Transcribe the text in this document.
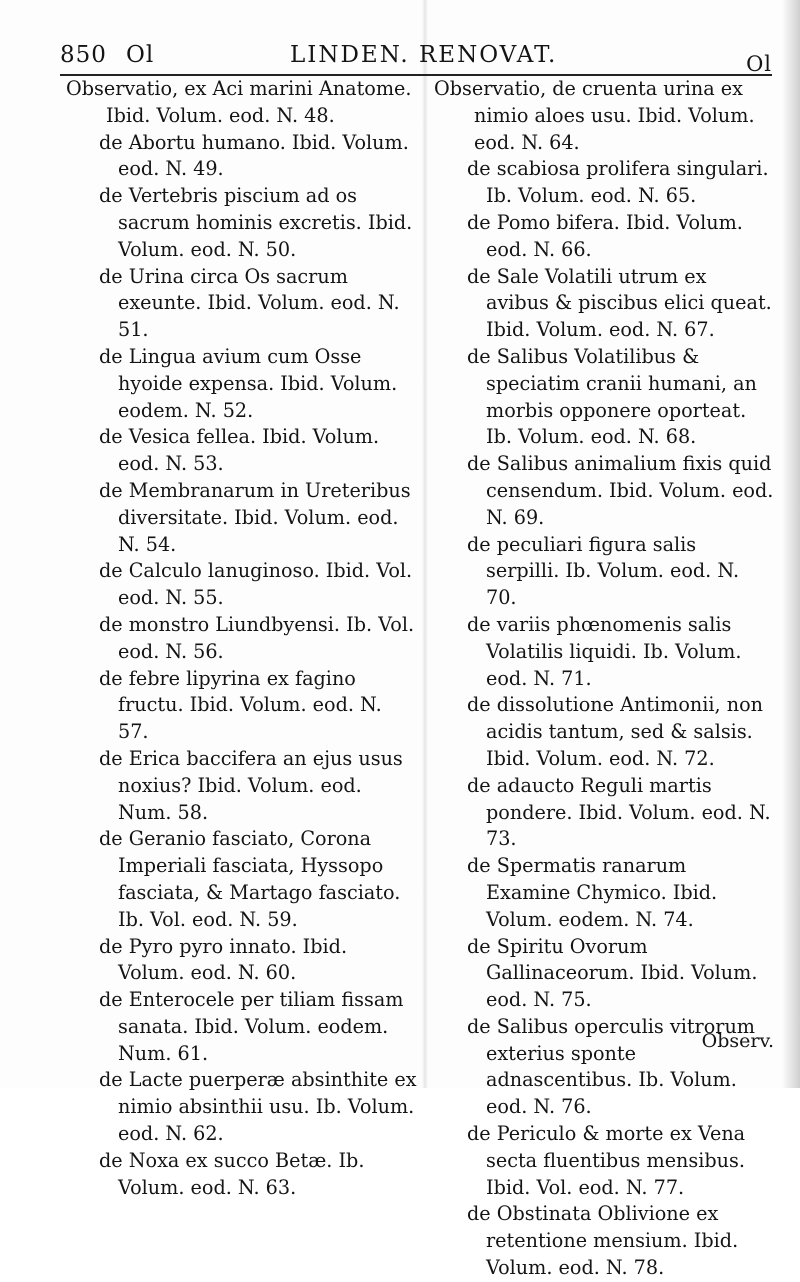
850 Ol	LINDEN. RENOVAT.	Ol

Observatio, ex Aci marini Anatome. Ibid. Volum. eod. N. 48.

de Abortu humano. Ibid. Volum. eod. N. 49.

de Vertebris piscium ad os sacrum hominis excretis. Ibid. Volum. eod. N. 50.

de Urina circa Os sacrum exeunte. Ibid. Volum. eod. N. 51.

de Lingua avium cum Osse hyoide expensa. Ibid. Volum. eodem. N. 52.

de Vesica fellea. Ibid. Volum. eod. N. 53.

de Membranarum in Ureteribus diversitate. Ibid. Volum. eod. N. 54.

de Calculo lanuginoso. Ibid. Vol. eod. N. 55.

de monstro Liundbyensi. Ib. Vol. eod. N. 56.

de febre lipyrina ex fagino fructu. Ibid. Volum. eod. N. 57.

de Erica baccifera an ejus usus noxius? Ibid. Volum. eod. Num. 58.

de Geranio fasciato, Corona Imperiali fasciata, Hyssopo fasciata, & Martago fasciato. Ib. Vol. eod. N. 59.

de Pyro pyro innato. Ibid. Volum. eod. N. 60.

de Enterocele per tiliam fissam sanata. Ibid. Volum. eodem. Num. 61.

de Lacte puerperæ absinthite ex nimio absinthii usu. Ib. Volum. eod. N. 62.

de Noxa ex succo Betæ. Ib. Volum. eod. N. 63.

Observatio, de cruenta urina ex nimio aloes usu. Ibid. Volum. eod. N. 64.

de scabiosa prolifera singulari. Ib. Volum. eod. N. 65.

de Pomo bifera. Ibid. Volum. eod. N. 66.

de Sale Volatili utrum ex avibus & piscibus elici queat. Ibid. Volum. eod. N. 67.

de Salibus Volatilibus & speciatim cranii humani, an morbis opponere oporteat. Ib. Volum. eod. N. 68.

de Salibus animalium fixis quid censendum. Ibid. Volum. eod. N. 69.

de peculiari figura salis serpilli. Ib. Volum. eod. N. 70.

de variis phœnomenis salis Volatilis liquidi. Ib. Volum. eod. N. 71.

de dissolutione Antimonii, non acidis tantum, sed & salsis. Ibid. Volum. eod. N. 72.

de adaucto Reguli martis pondere. Ibid. Volum. eod. N. 73.

de Spermatis ranarum Examine Chymico. Ibid. Volum. eodem. N. 74.

de Spiritu Ovorum Gallinaceorum. Ibid. Volum. eod. N. 75.

de Salibus operculis vitrorum exterius sponte adnascentibus. Ib. Volum. eod. N. 76.

de Periculo & morte ex Vena secta fluentibus mensibus. Ibid. Vol. eod. N. 77.

de Obstinata Oblivione ex retentione mensium. Ibid. Volum. eod. N. 78.

Observ.
